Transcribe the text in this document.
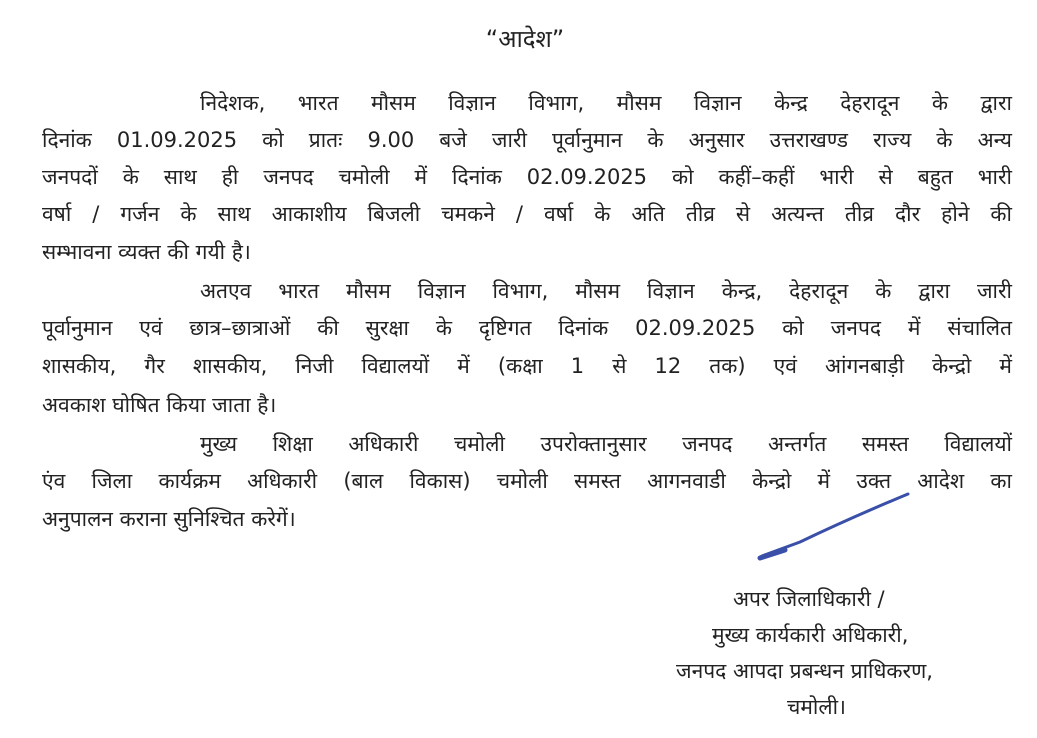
“आदेश”
निदेशक, भारत मौसम विज्ञान विभाग, मौसम विज्ञान केन्द्र देहरादून के द्वारा
दिनांक 01.09.2025 को प्रातः 9.00 बजे जारी पूर्वानुमान के अनुसार उत्तराखण्ड राज्य के अन्य
जनपदों के साथ ही जनपद चमोली में दिनांक 02.09.2025 को कहीं–कहीं भारी से बहुत भारी
वर्षा / गर्जन के साथ आकाशीय बिजली चमकने / वर्षा के अति तीव्र से अत्यन्त तीव्र दौर होने की
सम्भावना व्यक्त की गयी है।
अतएव भारत मौसम विज्ञान विभाग, मौसम विज्ञान केन्द्र, देहरादून के द्वारा जारी
पूर्वानुमान एवं छात्र–छात्राओं की सुरक्षा के दृष्टिगत दिनांक 02.09.2025 को जनपद में संचालित
शासकीय, गैर शासकीय, निजी विद्यालयों में (कक्षा 1 से 12 तक) एवं आंगनबाड़ी केन्द्रो में
अवकाश घोषित किया जाता है।
मुख्य शिक्षा अधिकारी चमोली उपरोक्तानुसार जनपद अन्तर्गत समस्त विद्यालयों
एंव जिला कार्यक्रम अधिकारी (बाल विकास) चमोली समस्त आगनवाडी केन्द्रो में उक्त आदेश का
अनुपालन कराना सुनिश्चित करेगें।
अपर जिलाधिकारी /
मुख्य कार्यकारी अधिकारी,
जनपद आपदा प्रबन्धन प्राधिकरण,
चमोली।
